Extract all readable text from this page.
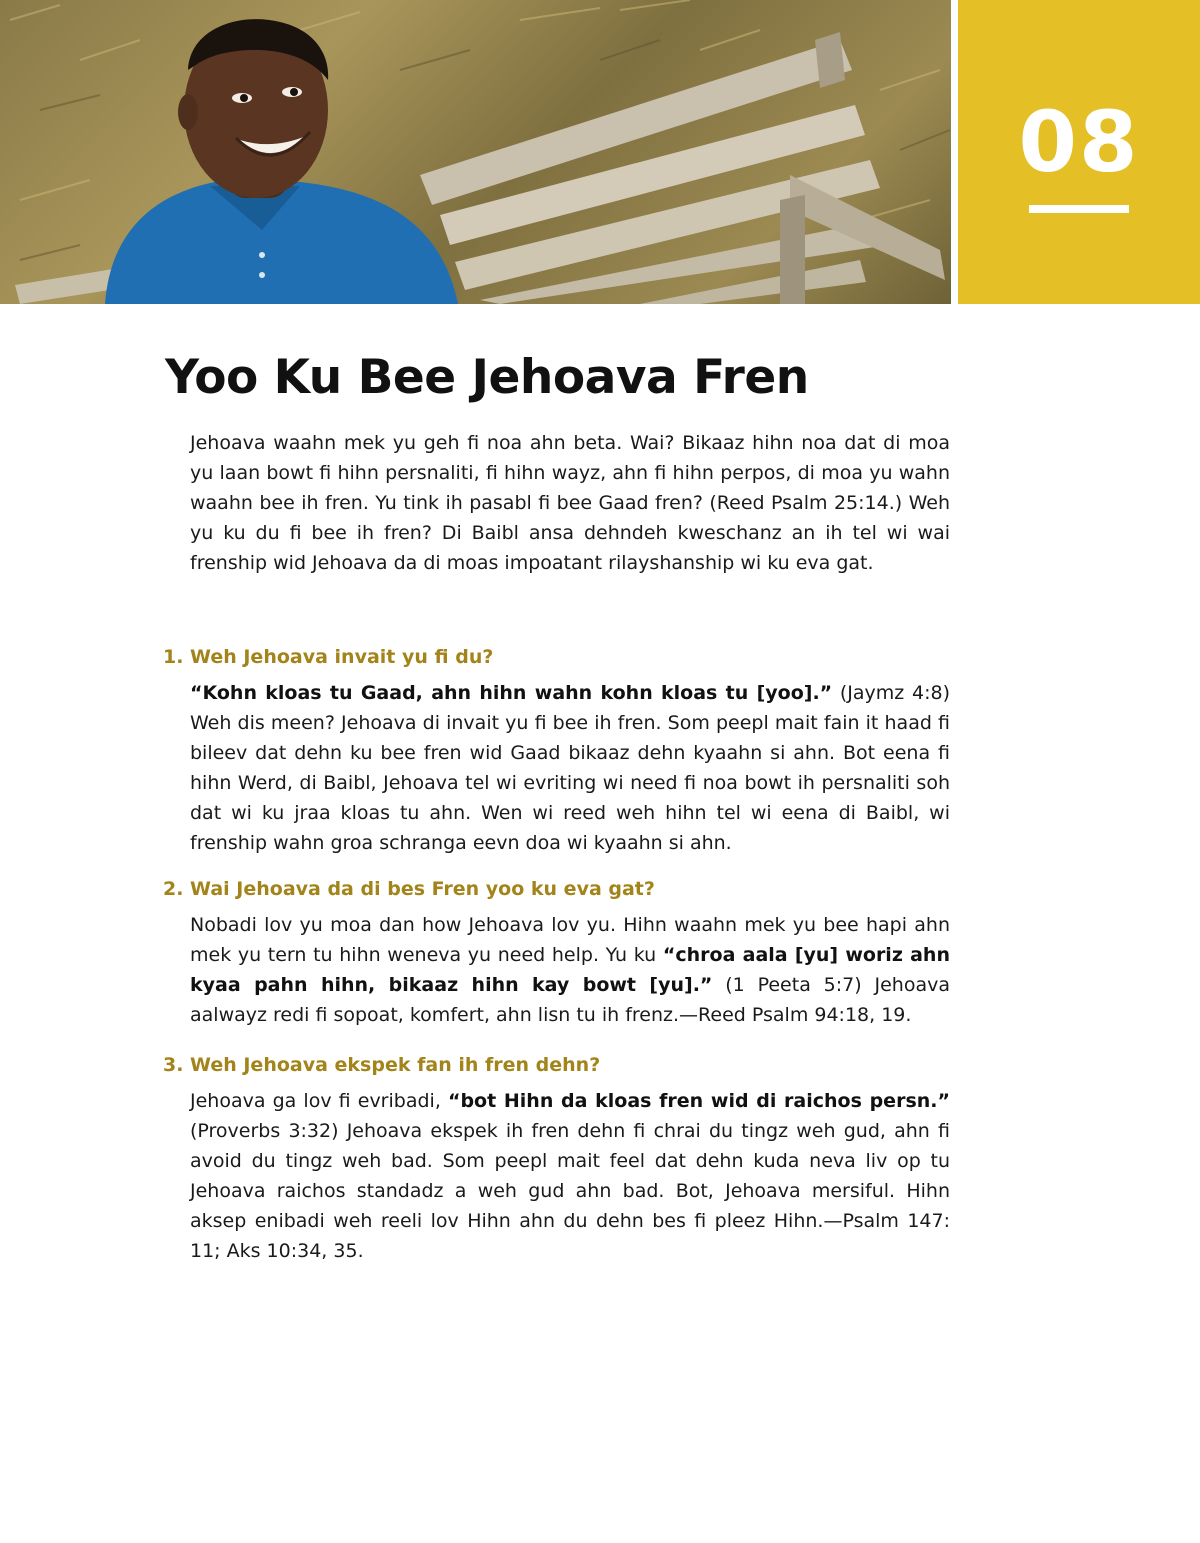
08
Yoo Ku Bee Jehoava Fren

Jehoava waahn mek yu geh fi noa ahn beta. Wai? Bikaaz hihn noa dat di moa yu laan bowt fi hihn persnaliti, fi hihn wayz, ahn fi hihn perpos, di moa yu wahn waahn bee ih fren. Yu tink ih pasabl fi bee Gaad fren? (Reed Psalm 25:14.) Weh yu ku du fi bee ih fren? Di Baibl ansa dehndeh kweschanz an ih tel wi wai frenship wid Jehoava da di moas impoatant rilayshanship wi ku eva gat.

1. Weh Jehoava invait yu fi du?

“Kohn kloas tu Gaad, ahn hihn wahn kohn kloas tu [yoo].” (Jaymz 4:8) Weh dis meen? Jehoava di invait yu fi bee ih fren. Som peepl mait fain it haad fi bileev dat dehn ku bee fren wid Gaad bikaaz dehn kyaahn si ahn. Bot eena fi hihn Werd, di Baibl, Jehoava tel wi evriting wi need fi noa bowt ih persnaliti soh dat wi ku jraa kloas tu ahn. Wen wi reed weh hihn tel wi eena di Baibl, wi frenship wahn groa schranga eevn doa wi kyaahn si ahn.

2. Wai Jehoava da di bes Fren yoo ku eva gat?

Nobadi lov yu moa dan how Jehoava lov yu. Hihn waahn mek yu bee hapi ahn mek yu tern tu hihn weneva yu need help. Yu ku “chroa aala [yu] woriz ahn kyaa pahn hihn, bikaaz hihn kay bowt [yu].” (1 Peeta 5:7) Jehoava aalwayz redi fi sopoat, komfert, ahn lisn tu ih frenz.—Reed Psalm 94:18, 19.

3. Weh Jehoava ekspek fan ih fren dehn?

Jehoava ga lov fi evribadi, “bot Hihn da kloas fren wid di raichos persn.” (Proverbs 3:32) Jehoava ekspek ih fren dehn fi chrai du tingz weh gud, ahn fi avoid du tingz weh bad. Som peepl mait feel dat dehn kuda neva liv op tu Jehoava raichos standadz a weh gud ahn bad. Bot, Jehoava mersiful. Hihn aksep enibadi weh reeli lov Hihn ahn du dehn bes fi pleez Hihn.—Psalm 147: 11; Aks 10:34, 35.
